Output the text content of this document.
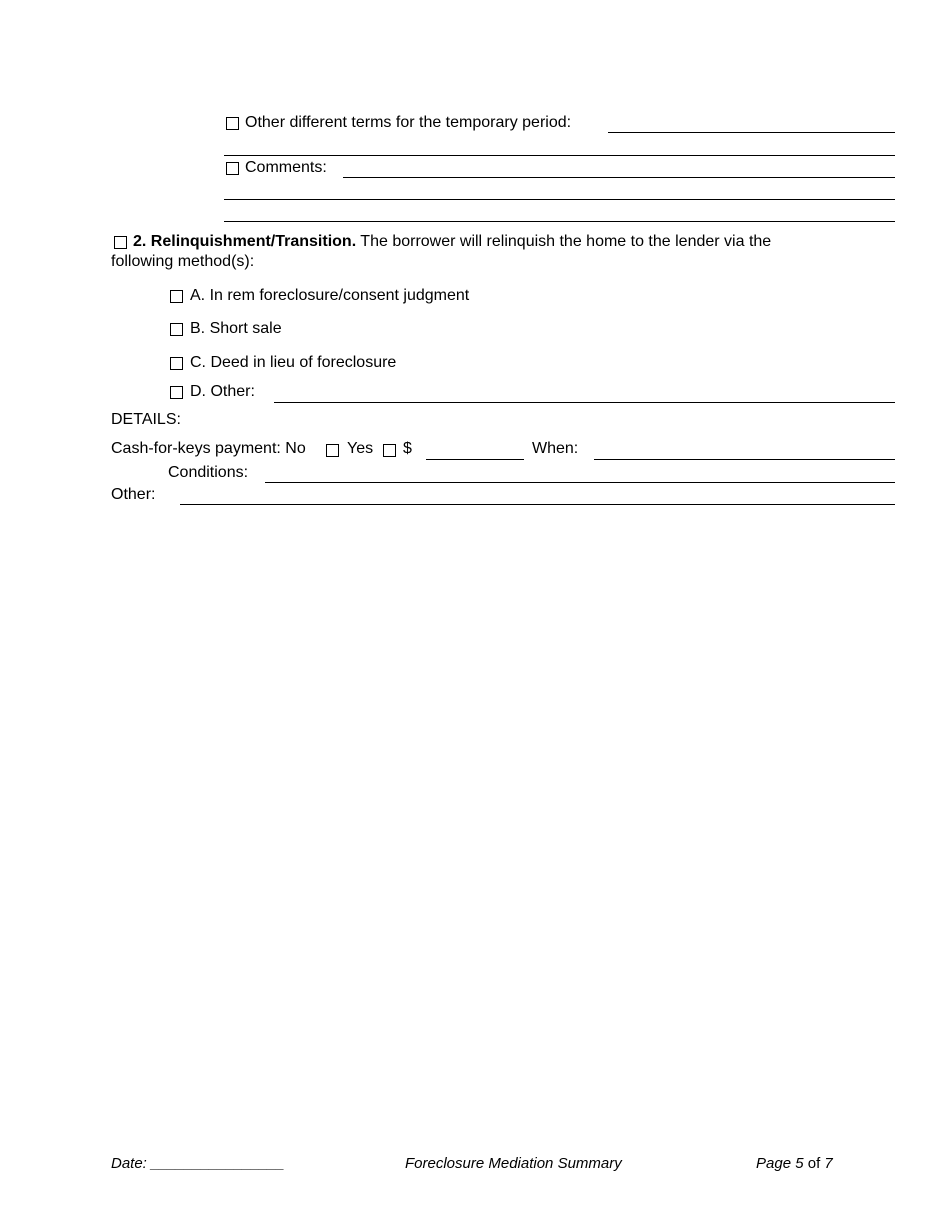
Other different terms for the temporary period:
Comments:
2. Relinquishment/Transition. The borrower will relinquish the home to the lender via the
following method(s):
A. In rem foreclosure/consent judgment
B. Short sale
C. Deed in lieu of foreclosure
D. Other:
DETAILS:
Cash-for-keys payment: No	Yes $	When:
Conditions:
Other:
Date: ________________	Foreclosure Mediation Summary	Page 5 of 7
